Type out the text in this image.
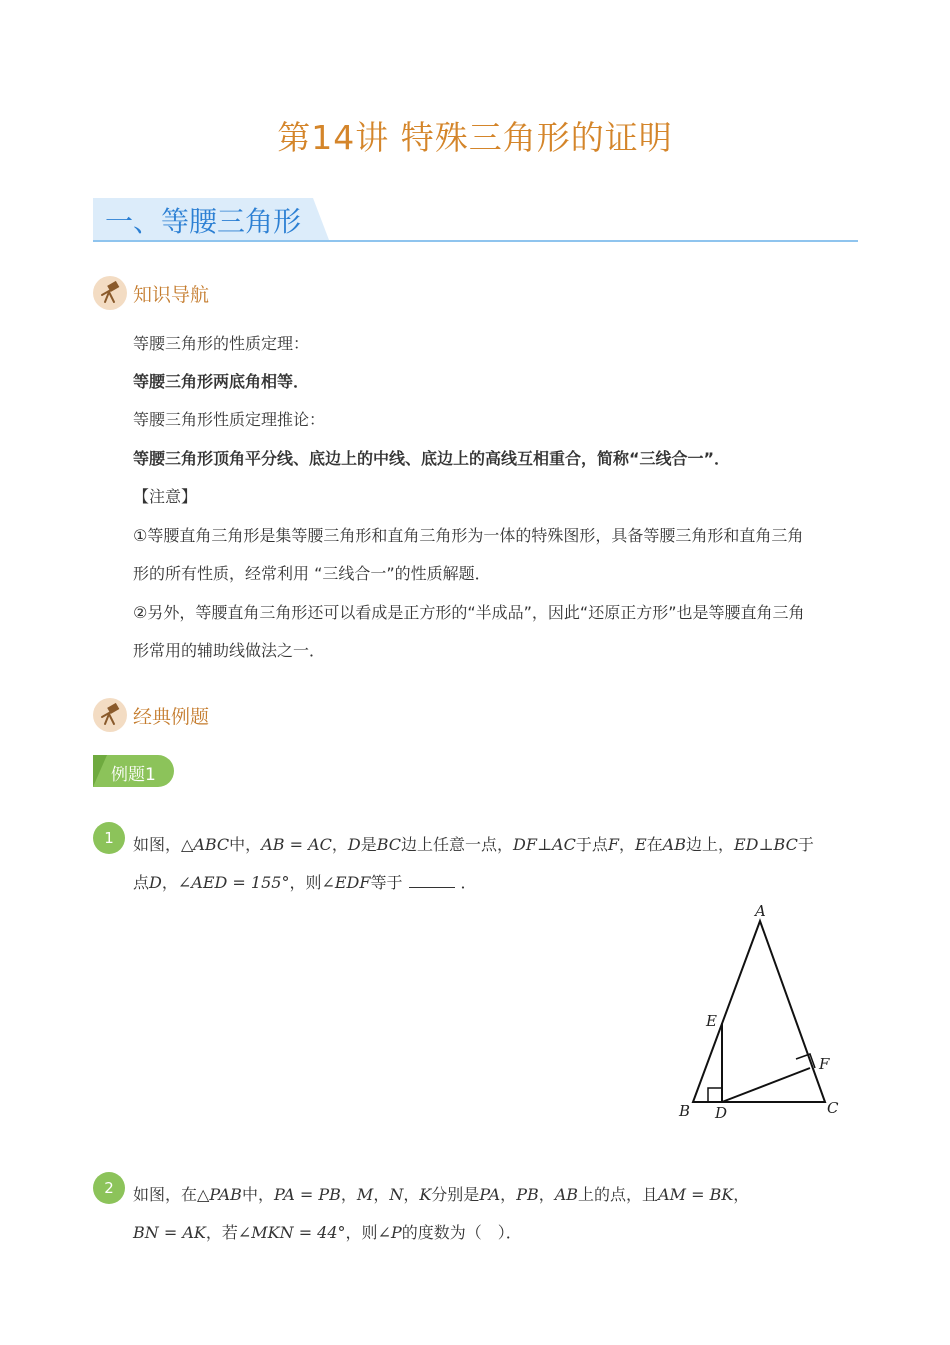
第14讲 特殊三角形的证明
一、等腰三角形
知识导航
等腰三角形的性质定理：
等腰三角形两底角相等．
等腰三角形性质定理推论：
等腰三角形顶角平分线、底边上的中线、底边上的高线互相重合，简称“三线合一”．
【注意】
①等腰直角三角形是集等腰三角形和直角三角形为一体的特殊图形，具备等腰三角形和直角三角
形的所有性质，经常利用 “三线合一”的性质解题．
②另外，等腰直角三角形还可以看成是正方形的“半成品”，因此“还原正方形”也是等腰直角三角
形常用的辅助线做法之一．
经典例题
例题1
1	如图，△ABC中，AB = AC，D是BC边上任意一点，DF⊥AC于点F，E在AB边上，ED⊥BC于
点D，∠AED = 155°，则∠EDF等于	．
A
B	C
D
E
F
2	如图，在△PAB中，PA = PB，M，N，K分别是PA，PB，AB上的点，且AM = BK，
BN = AK，若∠MKN = 44°，则∠P的度数为（　）．
